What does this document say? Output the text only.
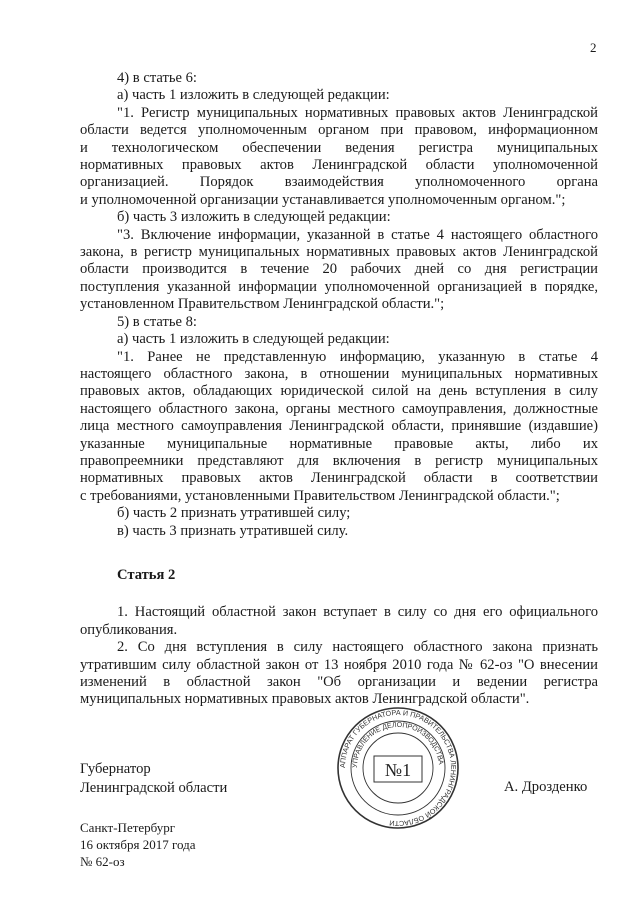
2

4) в статье 6:

а) часть 1 изложить в следующей редакции:

"1. Регистр муниципальных нормативных правовых актов Ленинградской

области ведется уполномоченным органом при правовом, информационном

и технологическом обеспечении ведения регистра муниципальных

нормативных правовых актов Ленинградской области уполномоченной

организацией. Порядок взаимодействия уполномоченного органа

и уполномоченной организации устанавливается уполномоченным органом.";

б) часть 3 изложить в следующей редакции:

"3. Включение информации, указанной в статье 4 настоящего областного

закона, в регистр муниципальных нормативных правовых актов Ленинградской

области производится в течение 20 рабочих дней со дня регистрации

поступления указанной информации уполномоченной организацией в порядке,

установленном Правительством Ленинградской области.";

5) в статье 8:

а) часть 1 изложить в следующей редакции:

"1. Ранее не представленную информацию, указанную в статье 4

настоящего областного закона, в отношении муниципальных нормативных

правовых актов, обладающих юридической силой на день вступления в силу

настоящего областного закона, органы местного самоуправления, должностные

лица местного самоуправления Ленинградской области, принявшие (издавшие)

указанные муниципальные нормативные правовые акты, либо их

правопреемники представляют для включения в регистр муниципальных

нормативных правовых актов Ленинградской области в соответствии

с требованиями, установленными Правительством Ленинградской области.";

б) часть 2 признать утратившей силу;

в) часть 3 признать утратившей силу.

Статья 2

1. Настоящий областной закон вступает в силу со дня его официального

опубликования.

2. Со дня вступления в силу настоящего областного закона признать

утратившим силу областной закон от 13 ноября 2010 года № 62-оз "О внесении

изменений в областной закон "Об организации и ведении регистра

муниципальных нормативных правовых актов Ленинградской области".

Губернатор
Ленинградской области
АППАРАТ ГУБЕРНАТОРА И ПРАВИТЕЛЬСТВА ЛЕНИНГРАДСКОЙ ОБЛАСТИ
УПРАВЛЕНИЕ ДЕЛОПРОИЗВОДСТВА
№1
А. Дрозденко
Санкт-Петербург
16 октября 2017 года
№ 62-оз
